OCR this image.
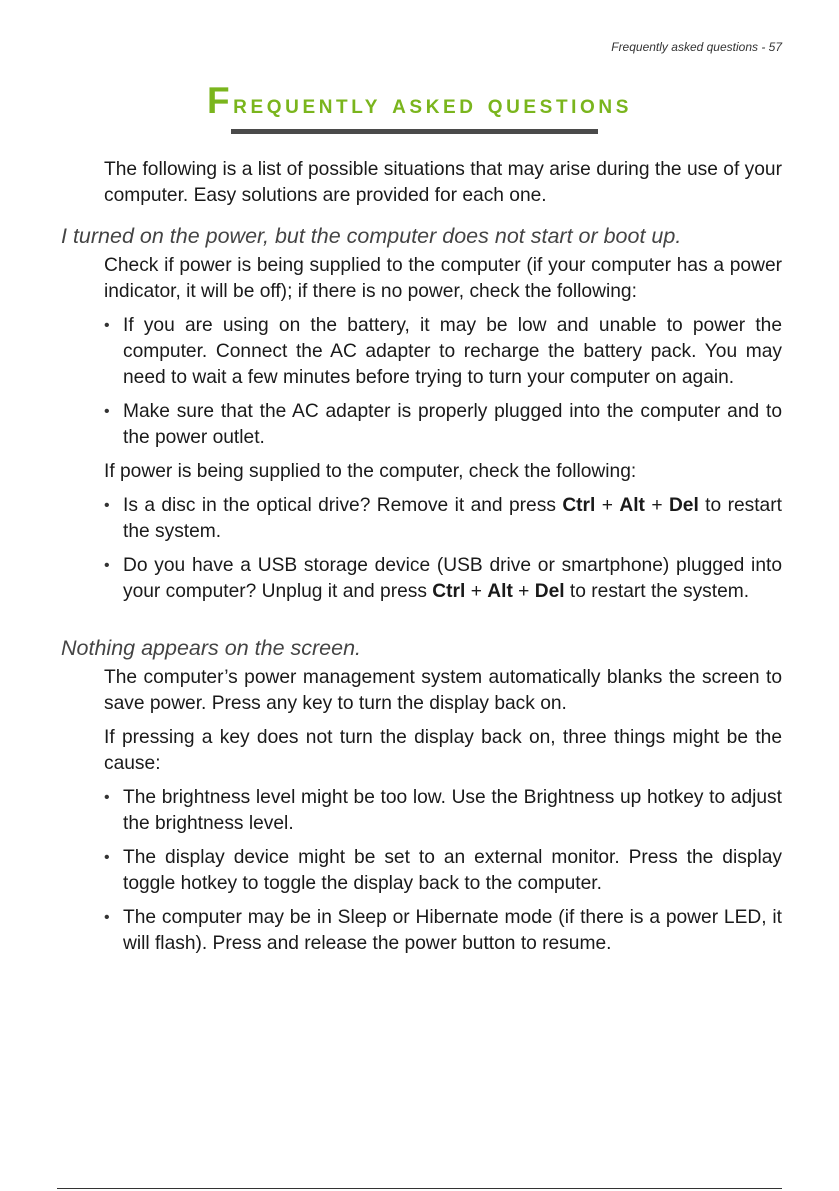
Frequently asked questions - 57
Frequently asked questions

The following is a list of possible situations that may arise during the use of your computer. Easy solutions are provided for each one.

I turned on the power, but the computer does not start or boot up.

Check if power is being supplied to the computer (if your computer has a power indicator, it will be off); if there is no power, check the following:

• If you are using on the battery, it may be low and unable to power the computer. Connect the AC adapter to recharge the battery pack. You may need to wait a few minutes before trying to turn your computer on again.
• Make sure that the AC adapter is properly plugged into the computer and to the power outlet.

If power is being supplied to the computer, check the following:

• Is a disc in the optical drive? Remove it and press Ctrl + Alt + Del to restart the system.
• Do you have a USB storage device (USB drive or smartphone) plugged into your computer? Unplug it and press Ctrl + Alt + Del to restart the system.

Nothing appears on the screen.

The computer’s power management system automatically blanks the screen to save power. Press any key to turn the display back on.

If pressing a key does not turn the display back on, three things might be the cause:

• The brightness level might be too low. Use the Brightness up hotkey to adjust the brightness level.
• The display device might be set to an external monitor. Press the display toggle hotkey to toggle the display back to the computer.
• The computer may be in Sleep or Hibernate mode (if there is a power LED, it will flash). Press and release the power button to resume.
